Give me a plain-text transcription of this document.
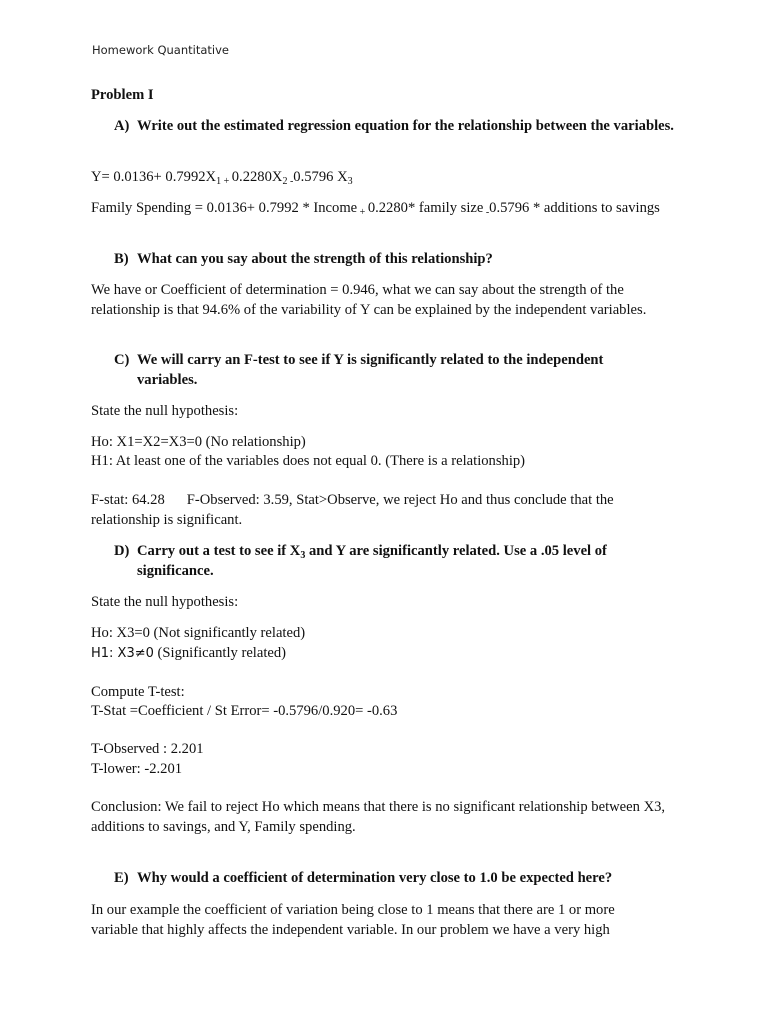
Homework Quantitative
Problem I
A) Write out the estimated regression equation for the relationship between the variables.
$Y= 0.0136+ 0.7992X_1$ $_+$ $0.2280X_2$ $_-$0.5796 $X_3$
Family Spending = 0.0136+ 0.7992 * Income $_+$ 0.2280* family size $_-$0.5796 * additions to savings
B) What can you say about the strength of this relationship?
We have or Coefficient of determination = 0.946, what we can say about the strength of the relationship is that 94.6% of the variability of Y can be explained by the independent variables.
C) We will carry an F-test to see if Y is significantly related to the independent variables.
State the null hypothesis:
Ho: X1=X2=X3=0 (No relationship)
H1: At least one of the variables does not equal 0. (There is a relationship)
F-stat: 64.28 F-Observed: 3.59, Stat>Observe, we reject Ho and thus conclude that the relationship is significant.
D) Carry out a test to see if $X_3$ and Y are significantly related. Use a .05 level of significance.
State the null hypothesis:
Ho: X3=0 (Not significantly related)
H1: X3≠0 (Significantly related)
Compute T-test:
T-Stat =Coefficient / St Error= -0.5796/0.920= -0.63
T-Observed : 2.201
T-lower: -2.201
Conclusion: We fail to reject Ho which means that there is no significant relationship between X3, additions to savings, and Y, Family spending.
E) Why would a coefficient of determination very close to 1.0 be expected here?
In our example the coefficient of variation being close to 1 means that there are 1 or more variable that highly affects the independent variable. In our problem we have a very high
